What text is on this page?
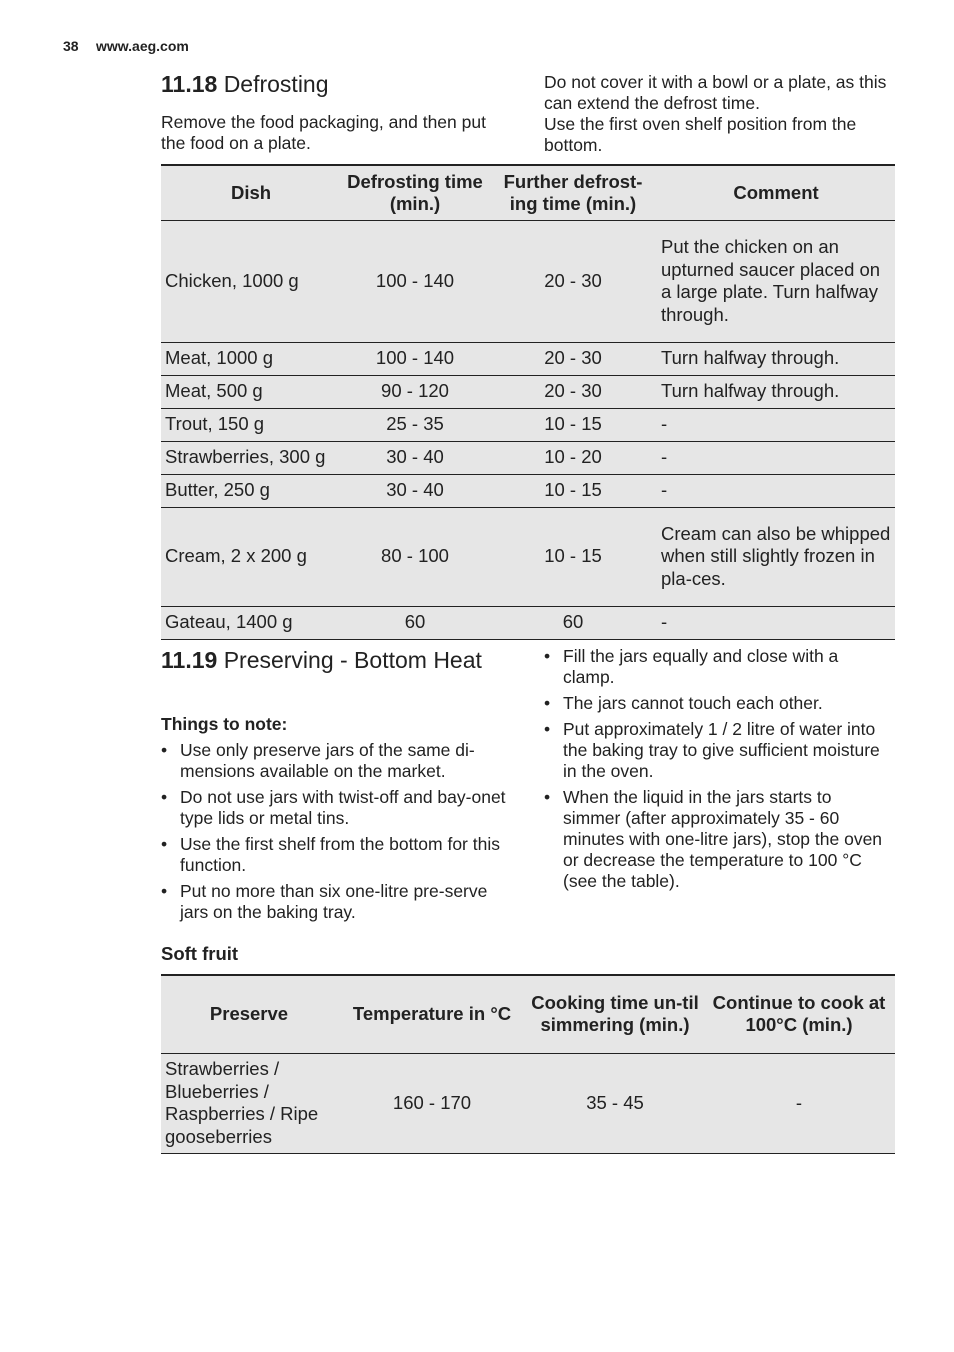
38 www.aeg.com
11.18 Defrosting
Remove the food packaging, and then put the food on a plate.
Do not cover it with a bowl or a plate, as this can extend the defrost time.
Use the first oven shelf position from the bottom.
Dish	Defrosting time (min.)	Further defrost-ing time (min.)	Comment
Chicken, 1000 g	100 - 140	20 - 30	Put the chicken on an upturned saucer placed on a large plate. Turn halfway through.
Meat, 1000 g	100 - 140	20 - 30	Turn halfway through.
Meat, 500 g	90 - 120	20 - 30	Turn halfway through.
Trout, 150 g	25 - 35	10 - 15	-
Strawberries, 300 g	30 - 40	10 - 20	-
Butter, 250 g	30 - 40	10 - 15	-
Cream, 2 x 200 g	80 - 100	10 - 15	Cream can also be whipped when still slightly frozen in pla-ces.
Gateau, 1400 g	60	60	-
11.19 Preserving - Bottom Heat
Things to note:
• Use only preserve jars of the same di-mensions available on the market.
• Do not use jars with twist-off and bay-onet type lids or metal tins.
• Use the first shelf from the bottom for this function.
• Put no more than six one-litre pre-serve jars on the baking tray.
• Fill the jars equally and close with a clamp.
• The jars cannot touch each other.
• Put approximately 1 / 2 litre of water into the baking tray to give sufficient moisture in the oven.
• When the liquid in the jars starts to simmer (after approximately 35 - 60 minutes with one-litre jars), stop the oven or decrease the temperature to 100 °C (see the table).
Soft fruit
Preserve	Temperature in °C	Cooking time un-til simmering (min.)	Continue to cook at 100°C (min.)
Strawberries / Blueberries / Raspberries / Ripe gooseberries	160 - 170	35 - 45	-
